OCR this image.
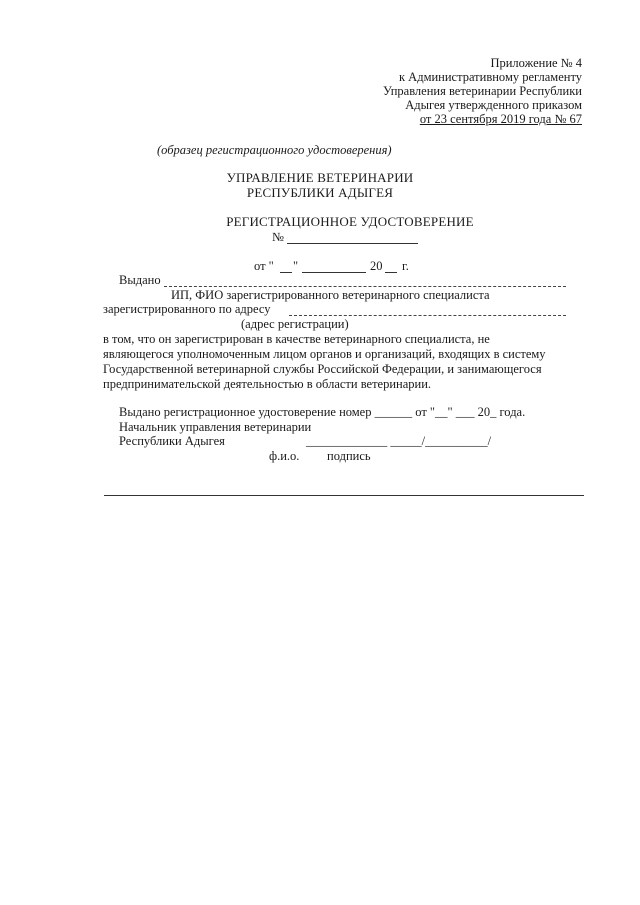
Приложение № 4
к Административному регламенту
Управления ветеринарии Республики
Адыгея утвержденного приказом
от 23 сентября 2019 года № 67
(образец регистрационного удостоверения)
УПРАВЛЕНИЕ ВЕТЕРИНАРИИ
РЕСПУБЛИКИ АДЫГЕЯ
РЕГИСТРАЦИОННОЕ УДОСТОВЕРЕНИЕ
№
от " "	20 г.
Выдано
ИП, ФИО зарегистрированного ветеринарного специалиста
зарегистрированного по адресу
(адрес регистрации)
в том, что он зарегистрирован в качестве ветеринарного специалиста, не
являющегося уполномоченным лицом органов и организаций, входящих в систему
Государственной ветеринарной службы Российской Федерации, и занимающегося
предпринимательской деятельностью в области ветеринарии.
Выдано регистрационное удостоверение номер ______ от "__" ___ 20_ года.
Начальник управления ветеринарии
Республики Адыгея	_____________ _____/__________/
ф.и.о. подпись
